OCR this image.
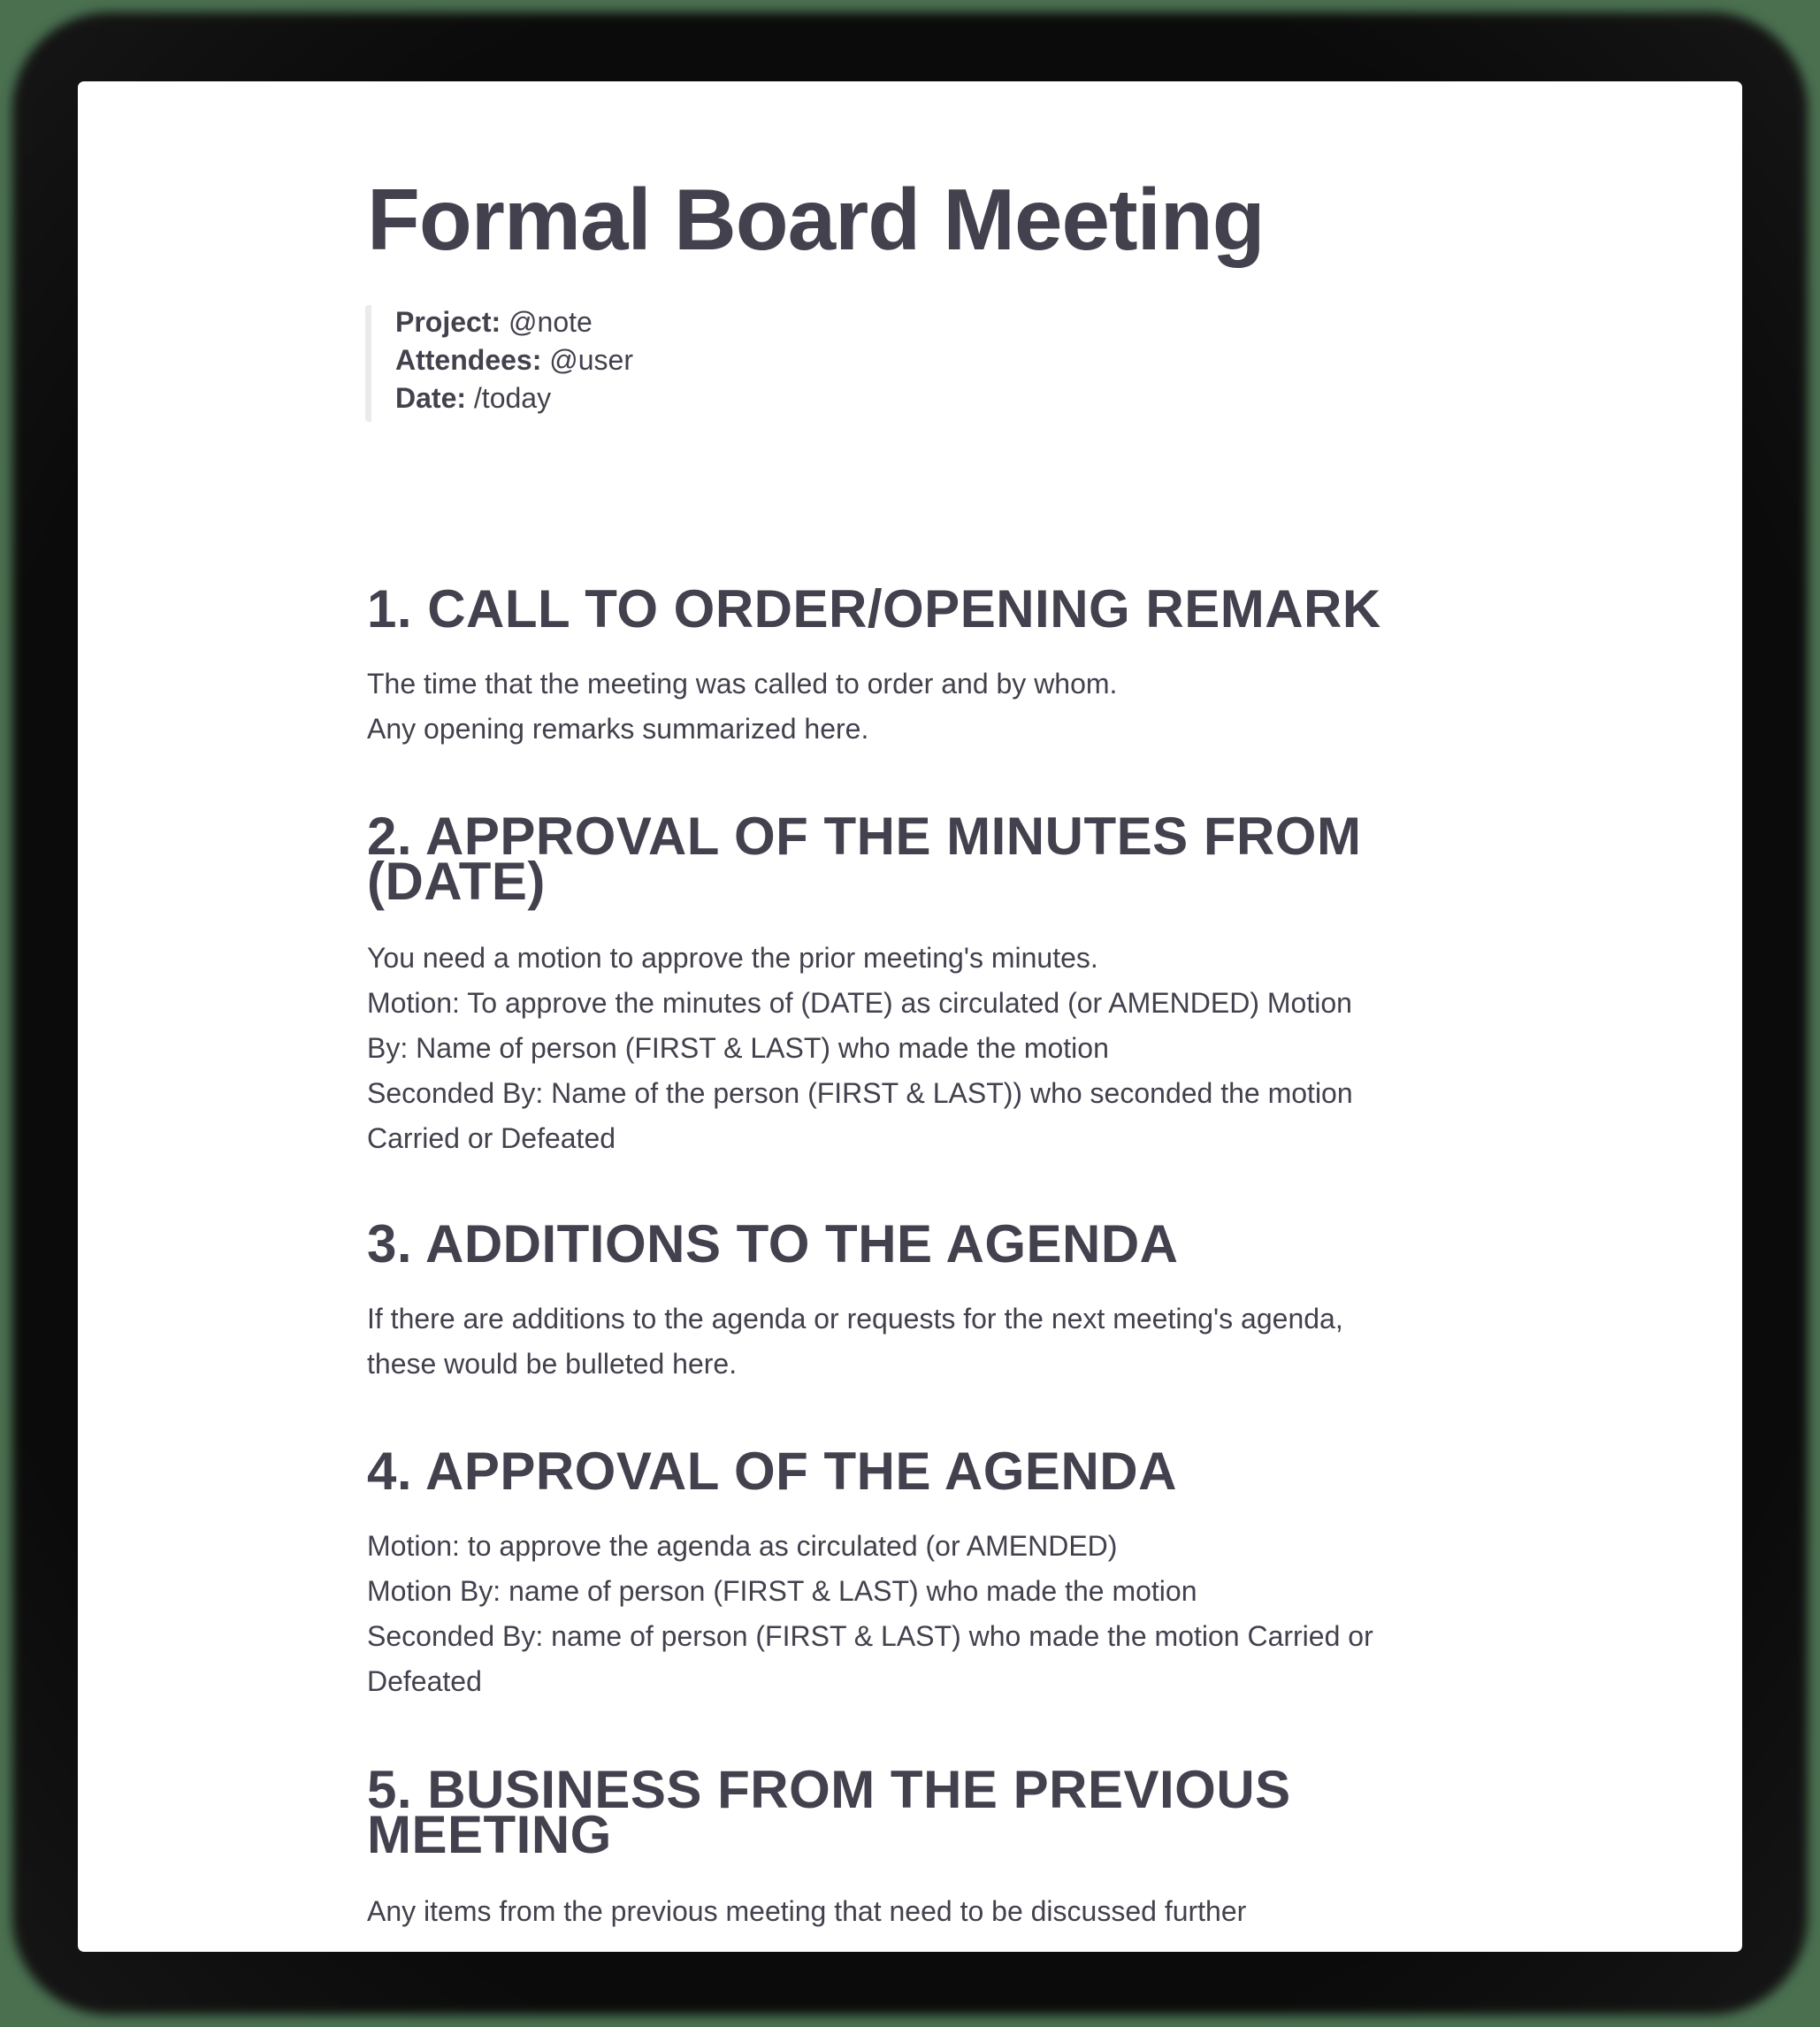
Formal Board Meeting
Project: @note
Attendees: @user
Date: /today
1. CALL TO ORDER/OPENING REMARK

The time that the meeting was called to order and by whom.

Any opening remarks summarized here.

2. APPROVAL OF THE MINUTES FROM (DATE)

You need a motion to approve the prior meeting's minutes.

Motion: To approve the minutes of (DATE) as circulated (or AMENDED) Motion

By: Name of person (FIRST & LAST) who made the motion

Seconded By: Name of the person (FIRST & LAST)) who seconded the motion

Carried or Defeated

3. ADDITIONS TO THE AGENDA

If there are additions to the agenda or requests for the next meeting's agenda,

these would be bulleted here.

4. APPROVAL OF THE AGENDA

Motion: to approve the agenda as circulated (or AMENDED)

Motion By: name of person (FIRST & LAST) who made the motion

Seconded By: name of person (FIRST & LAST) who made the motion Carried or

Defeated

5. BUSINESS FROM THE PREVIOUS MEETING

Any items from the previous meeting that need to be discussed further
